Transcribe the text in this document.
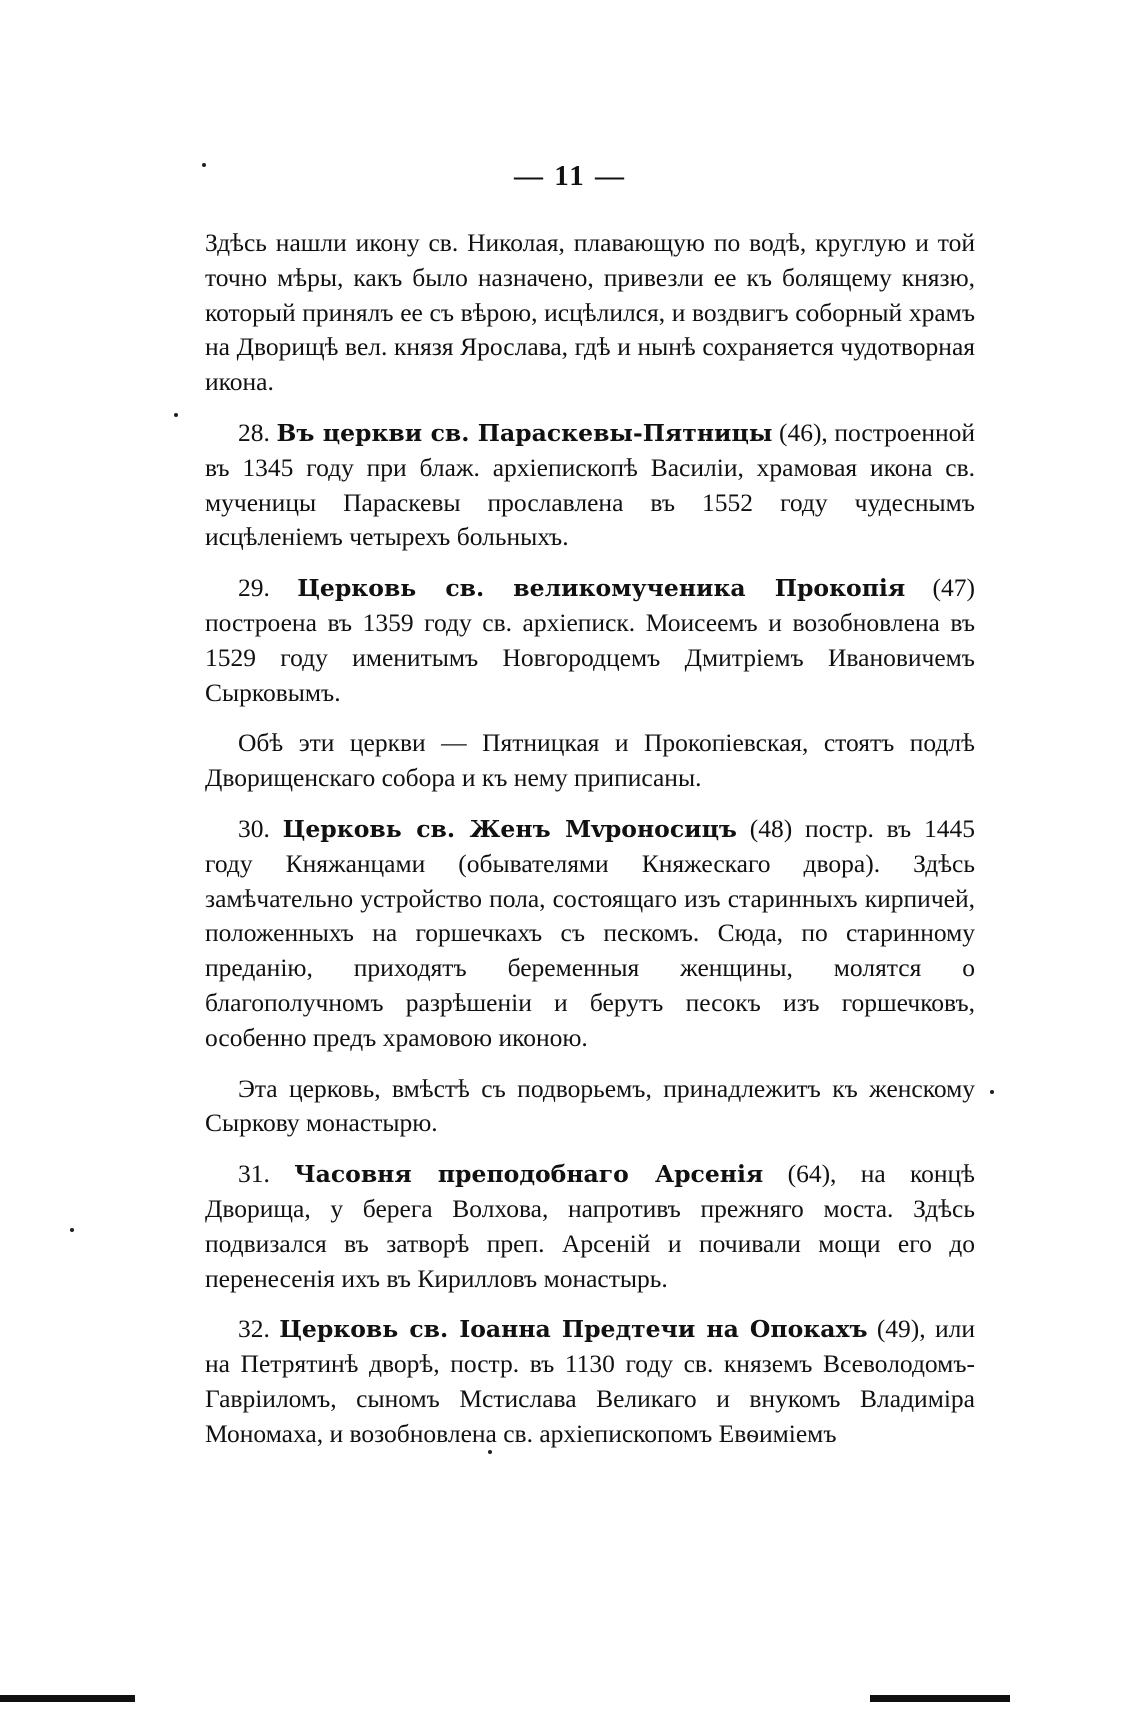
— 11 —

Здѣсь нашли икону св. Николая, плавающую по водѣ, круглую и той точно мѣры, какъ было назначено, привезли ее къ болящему князю, который принялъ ее съ вѣрою, исцѣлился, и воздвигъ соборный храмъ на Дворищѣ вел. князя Ярослава, гдѣ и нынѣ сохраняется чудотворная икона.

28. Въ церкви св. Параскевы-Пятницы (46), построенной въ 1345 году при блаж. архіепископѣ Василіи, храмовая икона св. мученицы Параскевы прославлена въ 1552 году чудеснымъ исцѣленіемъ четырехъ больныхъ.

29. Церковь св. великомученика Прокопія (47) построена въ 1359 году св. архіеписк. Моисеемъ и возобновлена въ 1529 году именитымъ Новгородцемъ Дмитріемъ Ивановичемъ Сырковымъ.

Обѣ эти церкви — Пятницкая и Прокопіевская, стоятъ подлѣ Дворищенскаго собора и къ нему приписаны.

30. Церковь св. Женъ Мvроносицъ (48) постр. въ 1445 году Княжанцами (обывателями Княжескаго двора). Здѣсь замѣчательно устройство пола, состоящаго изъ старинныхъ кирпичей, положенныхъ на горшечкахъ съ пескомъ. Сюда, по старинному преданію, приходятъ беременныя женщины, молятся о благополучномъ разрѣшеніи и берутъ песокъ изъ горшечковъ, особенно предъ храмовою иконою.

Эта церковь, вмѣстѣ съ подворьемъ, принадлежитъ къ женскому Сыркову монастырю.

31. Часовня преподобнаго Арсенія (64), на концѣ Дворища, у берега Волхова, напротивъ прежняго моста. Здѣсь подвизался въ затворѣ преп. Арсеній и почивали мощи его до перенесенія ихъ въ Кирилловъ монастырь.

32. Церковь св. Іоанна Предтечи на Опокахъ (49), или на Петрятинѣ дворѣ, постр. въ 1130 году св. княземъ Всеволодомъ-Гавріиломъ, сыномъ Мстислава Великаго и внукомъ Владиміра Мономаха, и возобновлена св. архіепископомъ Евѳиміемъ
